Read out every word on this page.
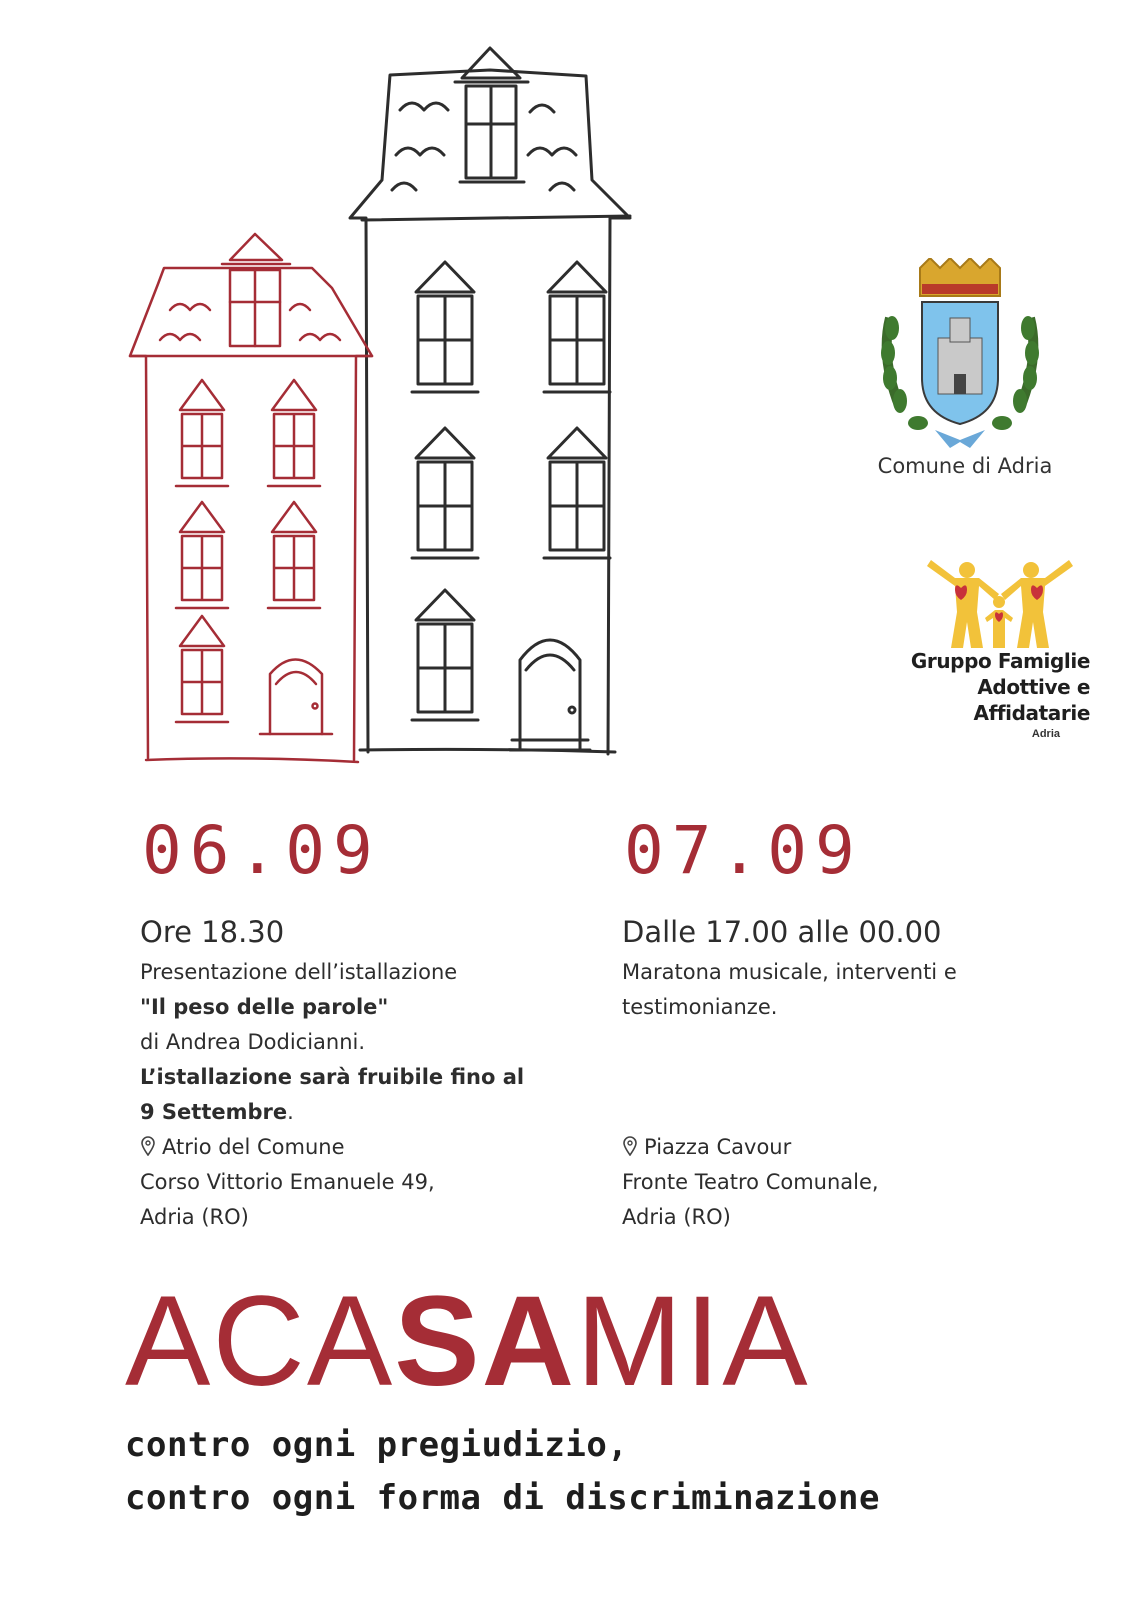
Comune di Adria
Gruppo Famiglie
Adottive e
Affidatarie
Adria
06.09	07.09
Ore 18.30
Presentazione dell’istallazione
"Il peso delle parole"
di Andrea Dodicianni.
L’istallazione sarà fruibile fino al
9 Settembre.
Atrio del Comune
Corso Vittorio Emanuele 49,
Adria (RO)
Dalle 17.00 alle 00.00
Maratona musicale, interventi e
testimonianze.
Piazza Cavour
Fronte Teatro Comunale,
Adria (RO)
ACASAMIA
contro ogni pregiudizio,
contro ogni forma di discriminazione
